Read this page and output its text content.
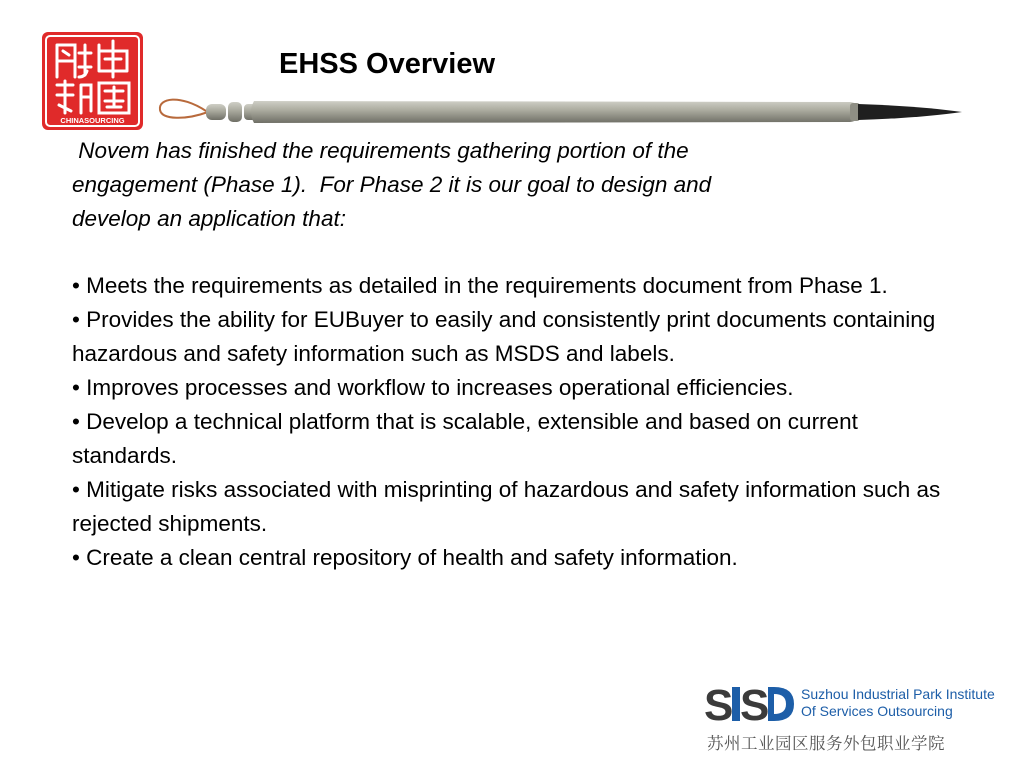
CHINASOURCING
EHSS Overview

Novem has finished the requirements gathering portion of the
engagement (Phase 1).  For Phase 2 it is our goal to design and
develop an application that:

• Meets the requirements as detailed in the requirements document from Phase 1.
• Provides the ability for EUBuyer to easily and consistently print documents containing hazardous and safety information such as MSDS and labels.
• Improves processes and workflow to increases operational efficiencies.
• Develop a technical platform that is scalable, extensible and based on current standards.
• Mitigate risks associated with misprinting of hazardous and safety information such as rejected shipments.
• Create a clean central repository of health and safety information.
S S Suzhou Industrial Park Institute
Of Services Outsourcing
苏州工业园区服务外包职业学院
